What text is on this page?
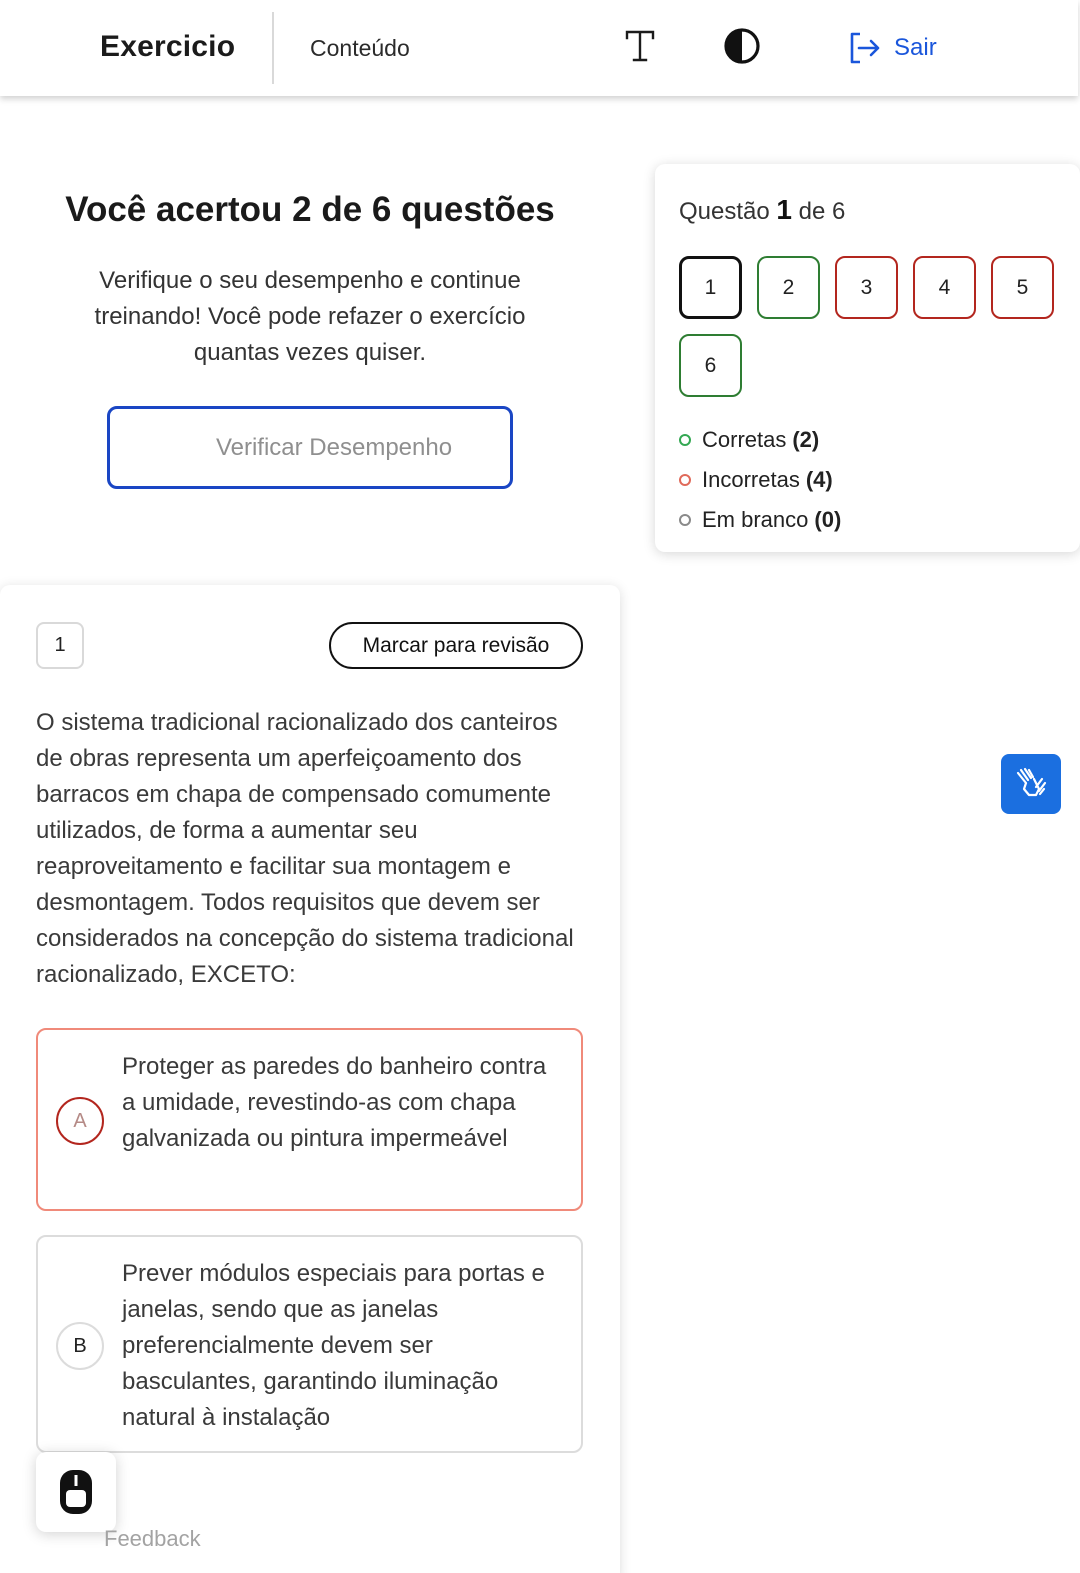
Exercicio	Conteúdo	Sair
Você acertou 2 de 6 questões

Verifique o seu desempenho e continue treinando! Você pode refazer o exercício quantas vezes quiser.

Verificar Desempenho
Questão 1 de 6
1	2	3	4	5
6
Corretas (2)
Incorretas (4)
Em branco (0)
1	Marcar para revisão

O sistema tradicional racionalizado dos canteiros de obras representa um aperfeiçoamento dos barracos em chapa de compensado comumente utilizados, de forma a aumentar seu reaproveitamento e facilitar sua montagem e desmontagem. Todos requisitos que devem ser considerados na concepção do sistema tradicional racionalizado, EXCETO:

A
Proteger as paredes do banheiro contra a umidade, revestindo-as com chapa galvanizada ou pintura impermeável
B
Prever módulos especiais para portas e janelas, sendo que as janelas preferencialmente devem ser basculantes, garantindo iluminação natural à instalação
Feedback
